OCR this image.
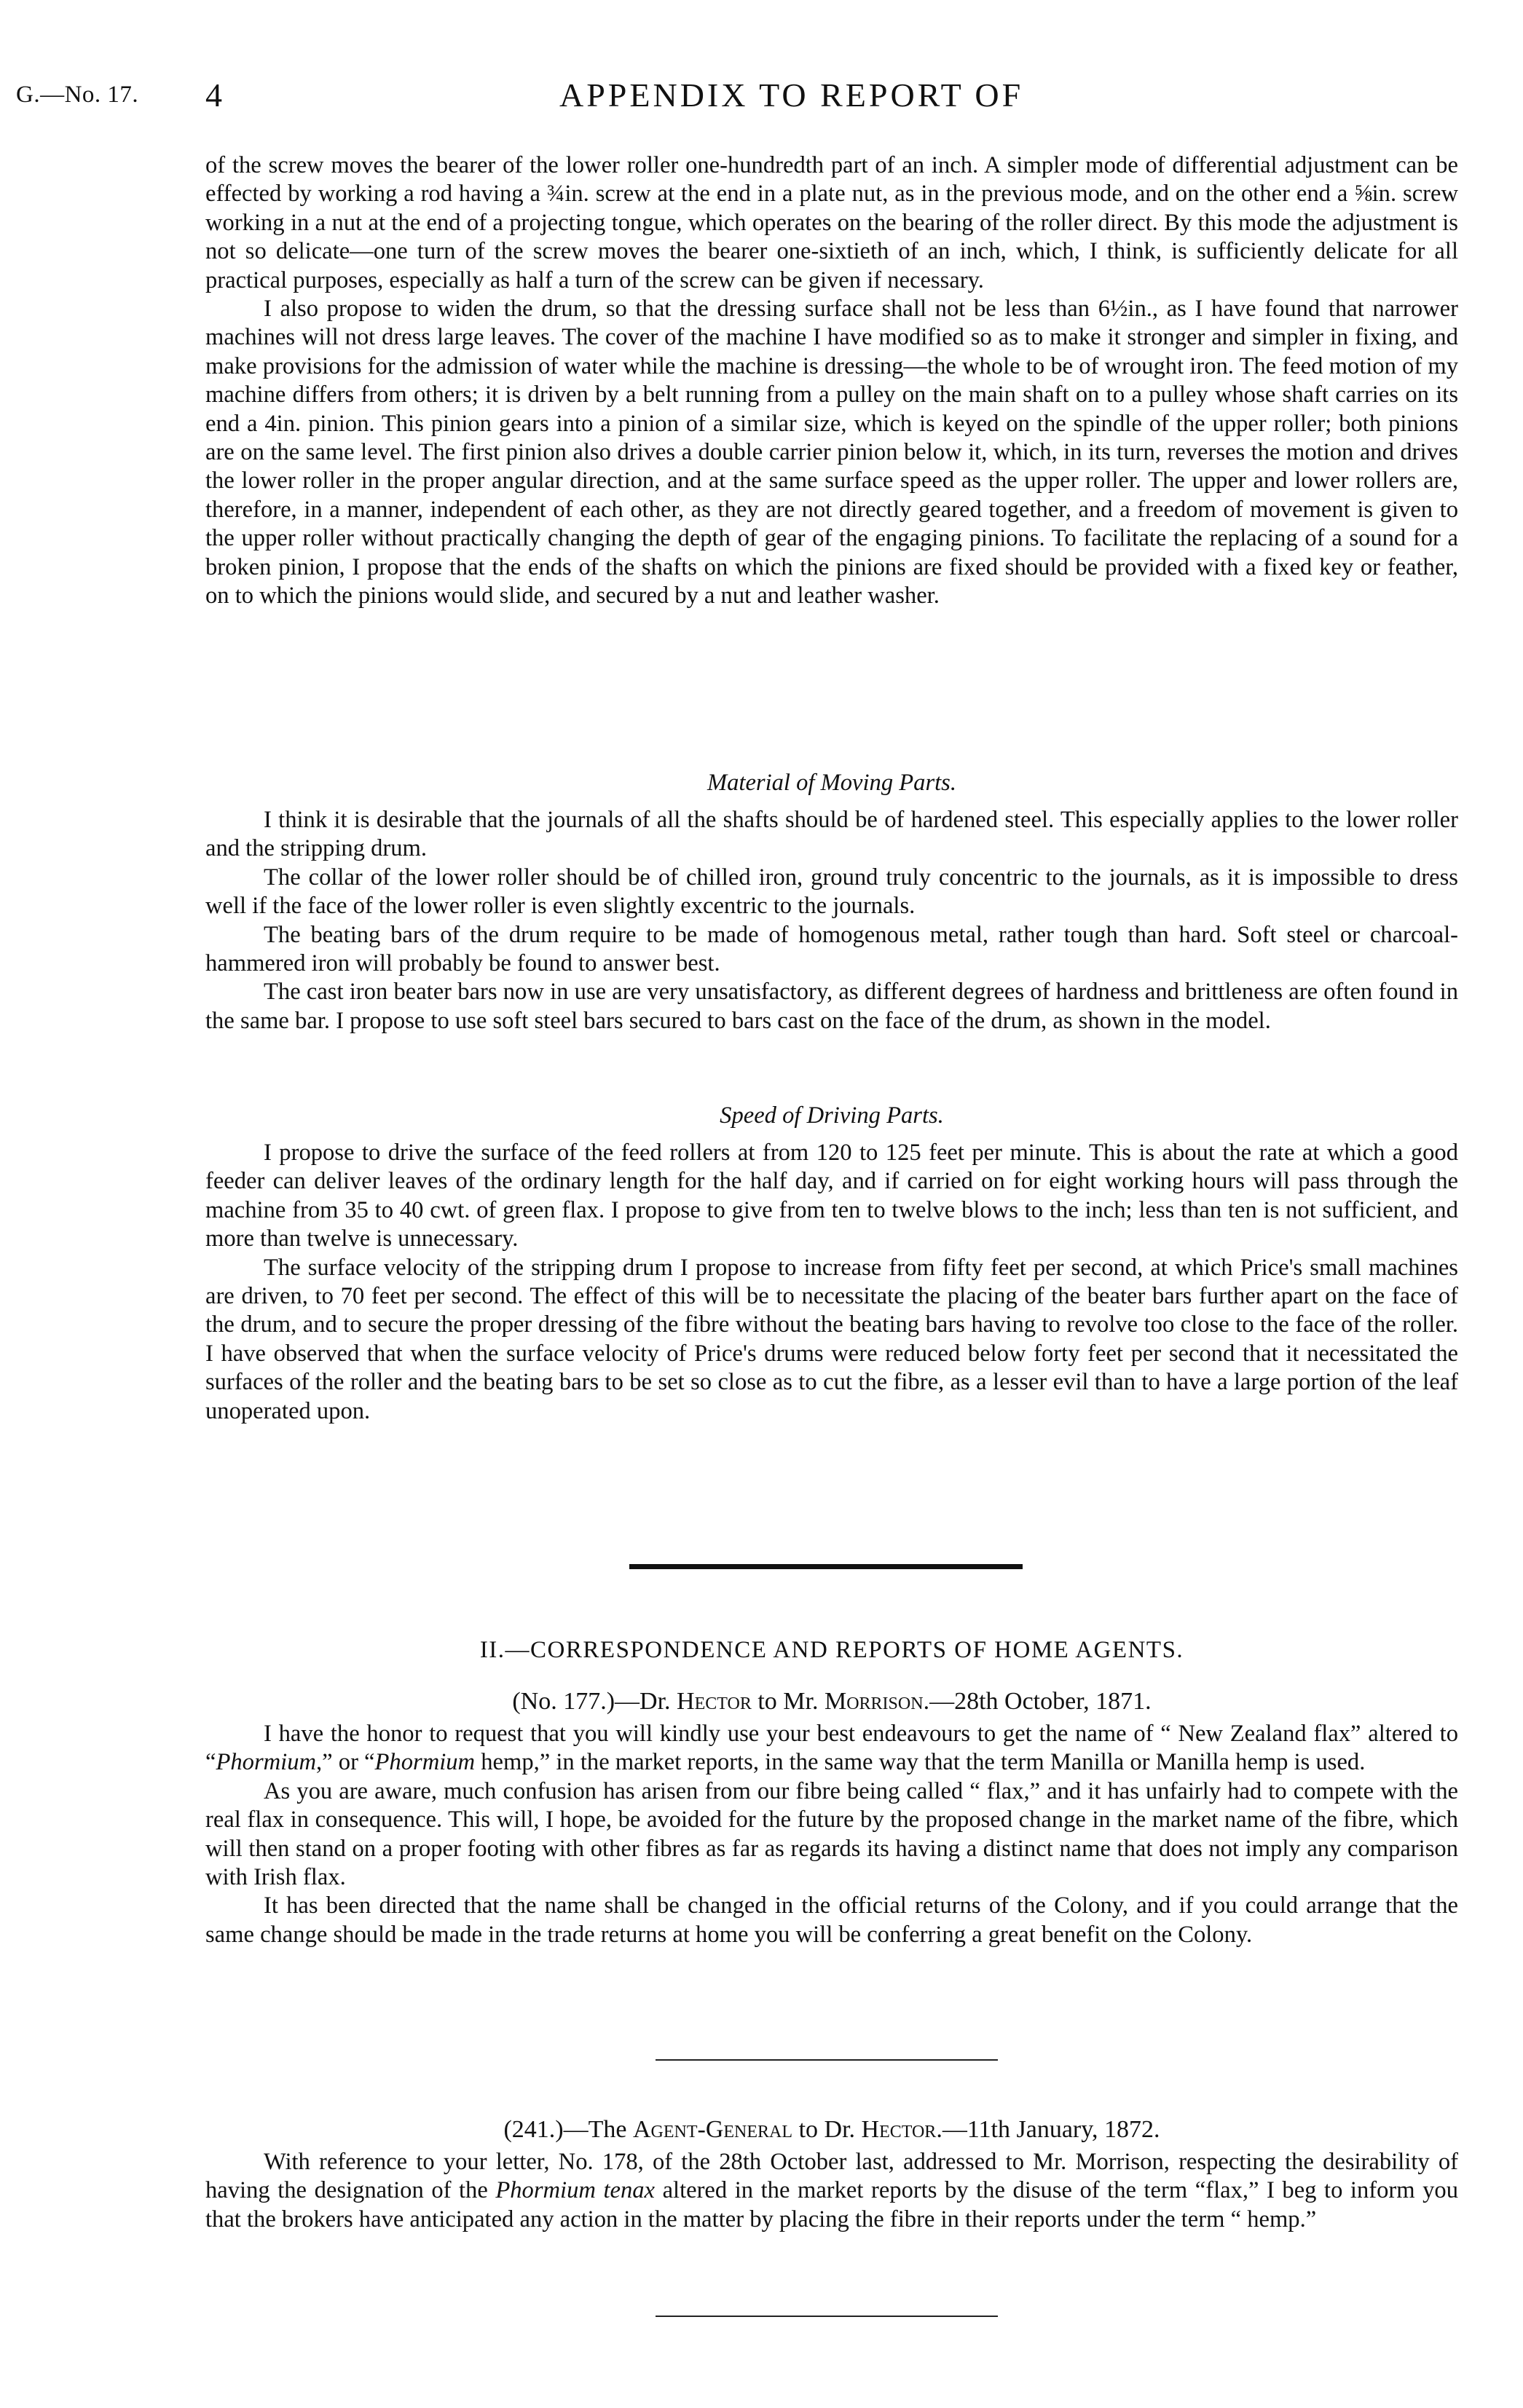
G.—No. 17. 4	APPENDIX TO REPORT OF

of the screw moves the bearer of the lower roller one-hundredth part of an inch. A simpler mode of differential adjustment can be effected by working a rod having a ¾in. screw at the end in a plate nut, as in the previous mode, and on the other end a ⅝in. screw working in a nut at the end of a projecting tongue, which operates on the bearing of the roller direct. By this mode the adjustment is not so delicate—one turn of the screw moves the bearer one-sixtieth of an inch, which, I think, is sufficiently delicate for all practical purposes, especially as half a turn of the screw can be given if necessary.

I also propose to widen the drum, so that the dressing surface shall not be less than 6½in., as I have found that narrower machines will not dress large leaves. The cover of the machine I have modified so as to make it stronger and simpler in fixing, and make provisions for the admission of water while the machine is dressing—the whole to be of wrought iron. The feed motion of my machine differs from others; it is driven by a belt running from a pulley on the main shaft on to a pulley whose shaft carries on its end a 4in. pinion. This pinion gears into a pinion of a similar size, which is keyed on the spindle of the upper roller; both pinions are on the same level. The first pinion also drives a double carrier pinion below it, which, in its turn, reverses the motion and drives the lower roller in the proper angular direction, and at the same surface speed as the upper roller. The upper and lower rollers are, therefore, in a manner, independent of each other, as they are not directly geared together, and a freedom of movement is given to the upper roller without practically changing the depth of gear of the engaging pinions. To facilitate the replacing of a sound for a broken pinion, I propose that the ends of the shafts on which the pinions are fixed should be provided with a fixed key or feather, on to which the pinions would slide, and secured by a nut and leather washer.

Material of Moving Parts.

I think it is desirable that the journals of all the shafts should be of hardened steel. This especially applies to the lower roller and the stripping drum.

The collar of the lower roller should be of chilled iron, ground truly concentric to the journals, as it is impossible to dress well if the face of the lower roller is even slightly excentric to the journals.

The beating bars of the drum require to be made of homogenous metal, rather tough than hard. Soft steel or charcoal-hammered iron will probably be found to answer best.

The cast iron beater bars now in use are very unsatisfactory, as different degrees of hardness and brittleness are often found in the same bar. I propose to use soft steel bars secured to bars cast on the face of the drum, as shown in the model.

Speed of Driving Parts.

I propose to drive the surface of the feed rollers at from 120 to 125 feet per minute. This is about the rate at which a good feeder can deliver leaves of the ordinary length for the half day, and if carried on for eight working hours will pass through the machine from 35 to 40 cwt. of green flax. I propose to give from ten to twelve blows to the inch; less than ten is not sufficient, and more than twelve is unnecessary.

The surface velocity of the stripping drum I propose to increase from fifty feet per second, at which Price's small machines are driven, to 70 feet per second. The effect of this will be to necessitate the placing of the beater bars further apart on the face of the drum, and to secure the proper dressing of the fibre without the beating bars having to revolve too close to the face of the roller. I have observed that when the surface velocity of Price's drums were reduced below forty feet per second that it necessitated the surfaces of the roller and the beating bars to be set so close as to cut the fibre, as a lesser evil than to have a large portion of the leaf unoperated upon.

II.—CORRESPONDENCE AND REPORTS OF HOME AGENTS.
(No. 177.)—Dr. Hector to Mr. Morrison.—28th October, 1871.

I have the honor to request that you will kindly use your best endeavours to get the name of “ New Zealand flax” altered to “Phormium,” or “Phormium hemp,” in the market reports, in the same way that the term Manilla or Manilla hemp is used.

As you are aware, much confusion has arisen from our fibre being called “ flax,” and it has unfairly had to compete with the real flax in consequence. This will, I hope, be avoided for the future by the proposed change in the market name of the fibre, which will then stand on a proper footing with other fibres as far as regards its having a distinct name that does not imply any comparison with Irish flax.

It has been directed that the name shall be changed in the official returns of the Colony, and if you could arrange that the same change should be made in the trade returns at home you will be conferring a great benefit on the Colony.

(241.)—The Agent-General to Dr. Hector.—11th January, 1872.

With reference to your letter, No. 178, of the 28th October last, addressed to Mr. Morrison, respecting the desirability of having the designation of the Phormium tenax altered in the market reports by the disuse of the term “flax,” I beg to inform you that the brokers have anticipated any action in the matter by placing the fibre in their reports under the term “ hemp.”
